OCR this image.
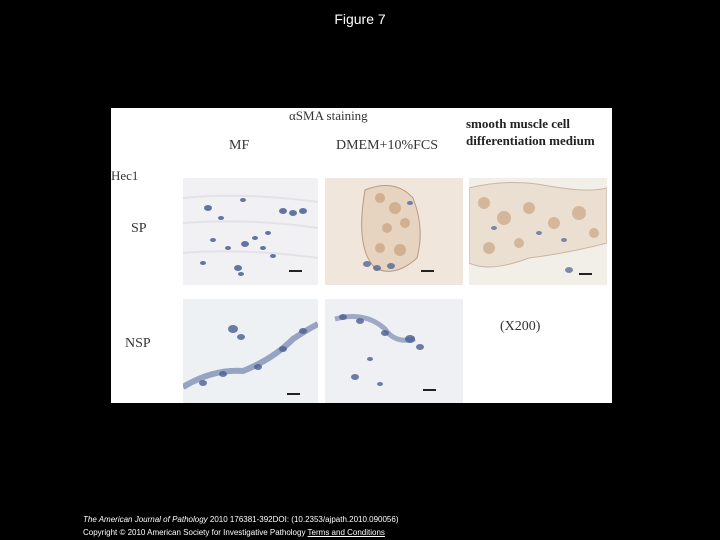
Figure 7
αSMA staining
MF	DMEM+10%FCS
smooth muscle cell
differentiation medium
Hec1
SP
NSP
(X200)
The American Journal of Pathology 2010 176381-392DOI: (10.2353/ajpath.2010.090056)
Copyright © 2010 American Society for Investigative Pathology Terms and Conditions
